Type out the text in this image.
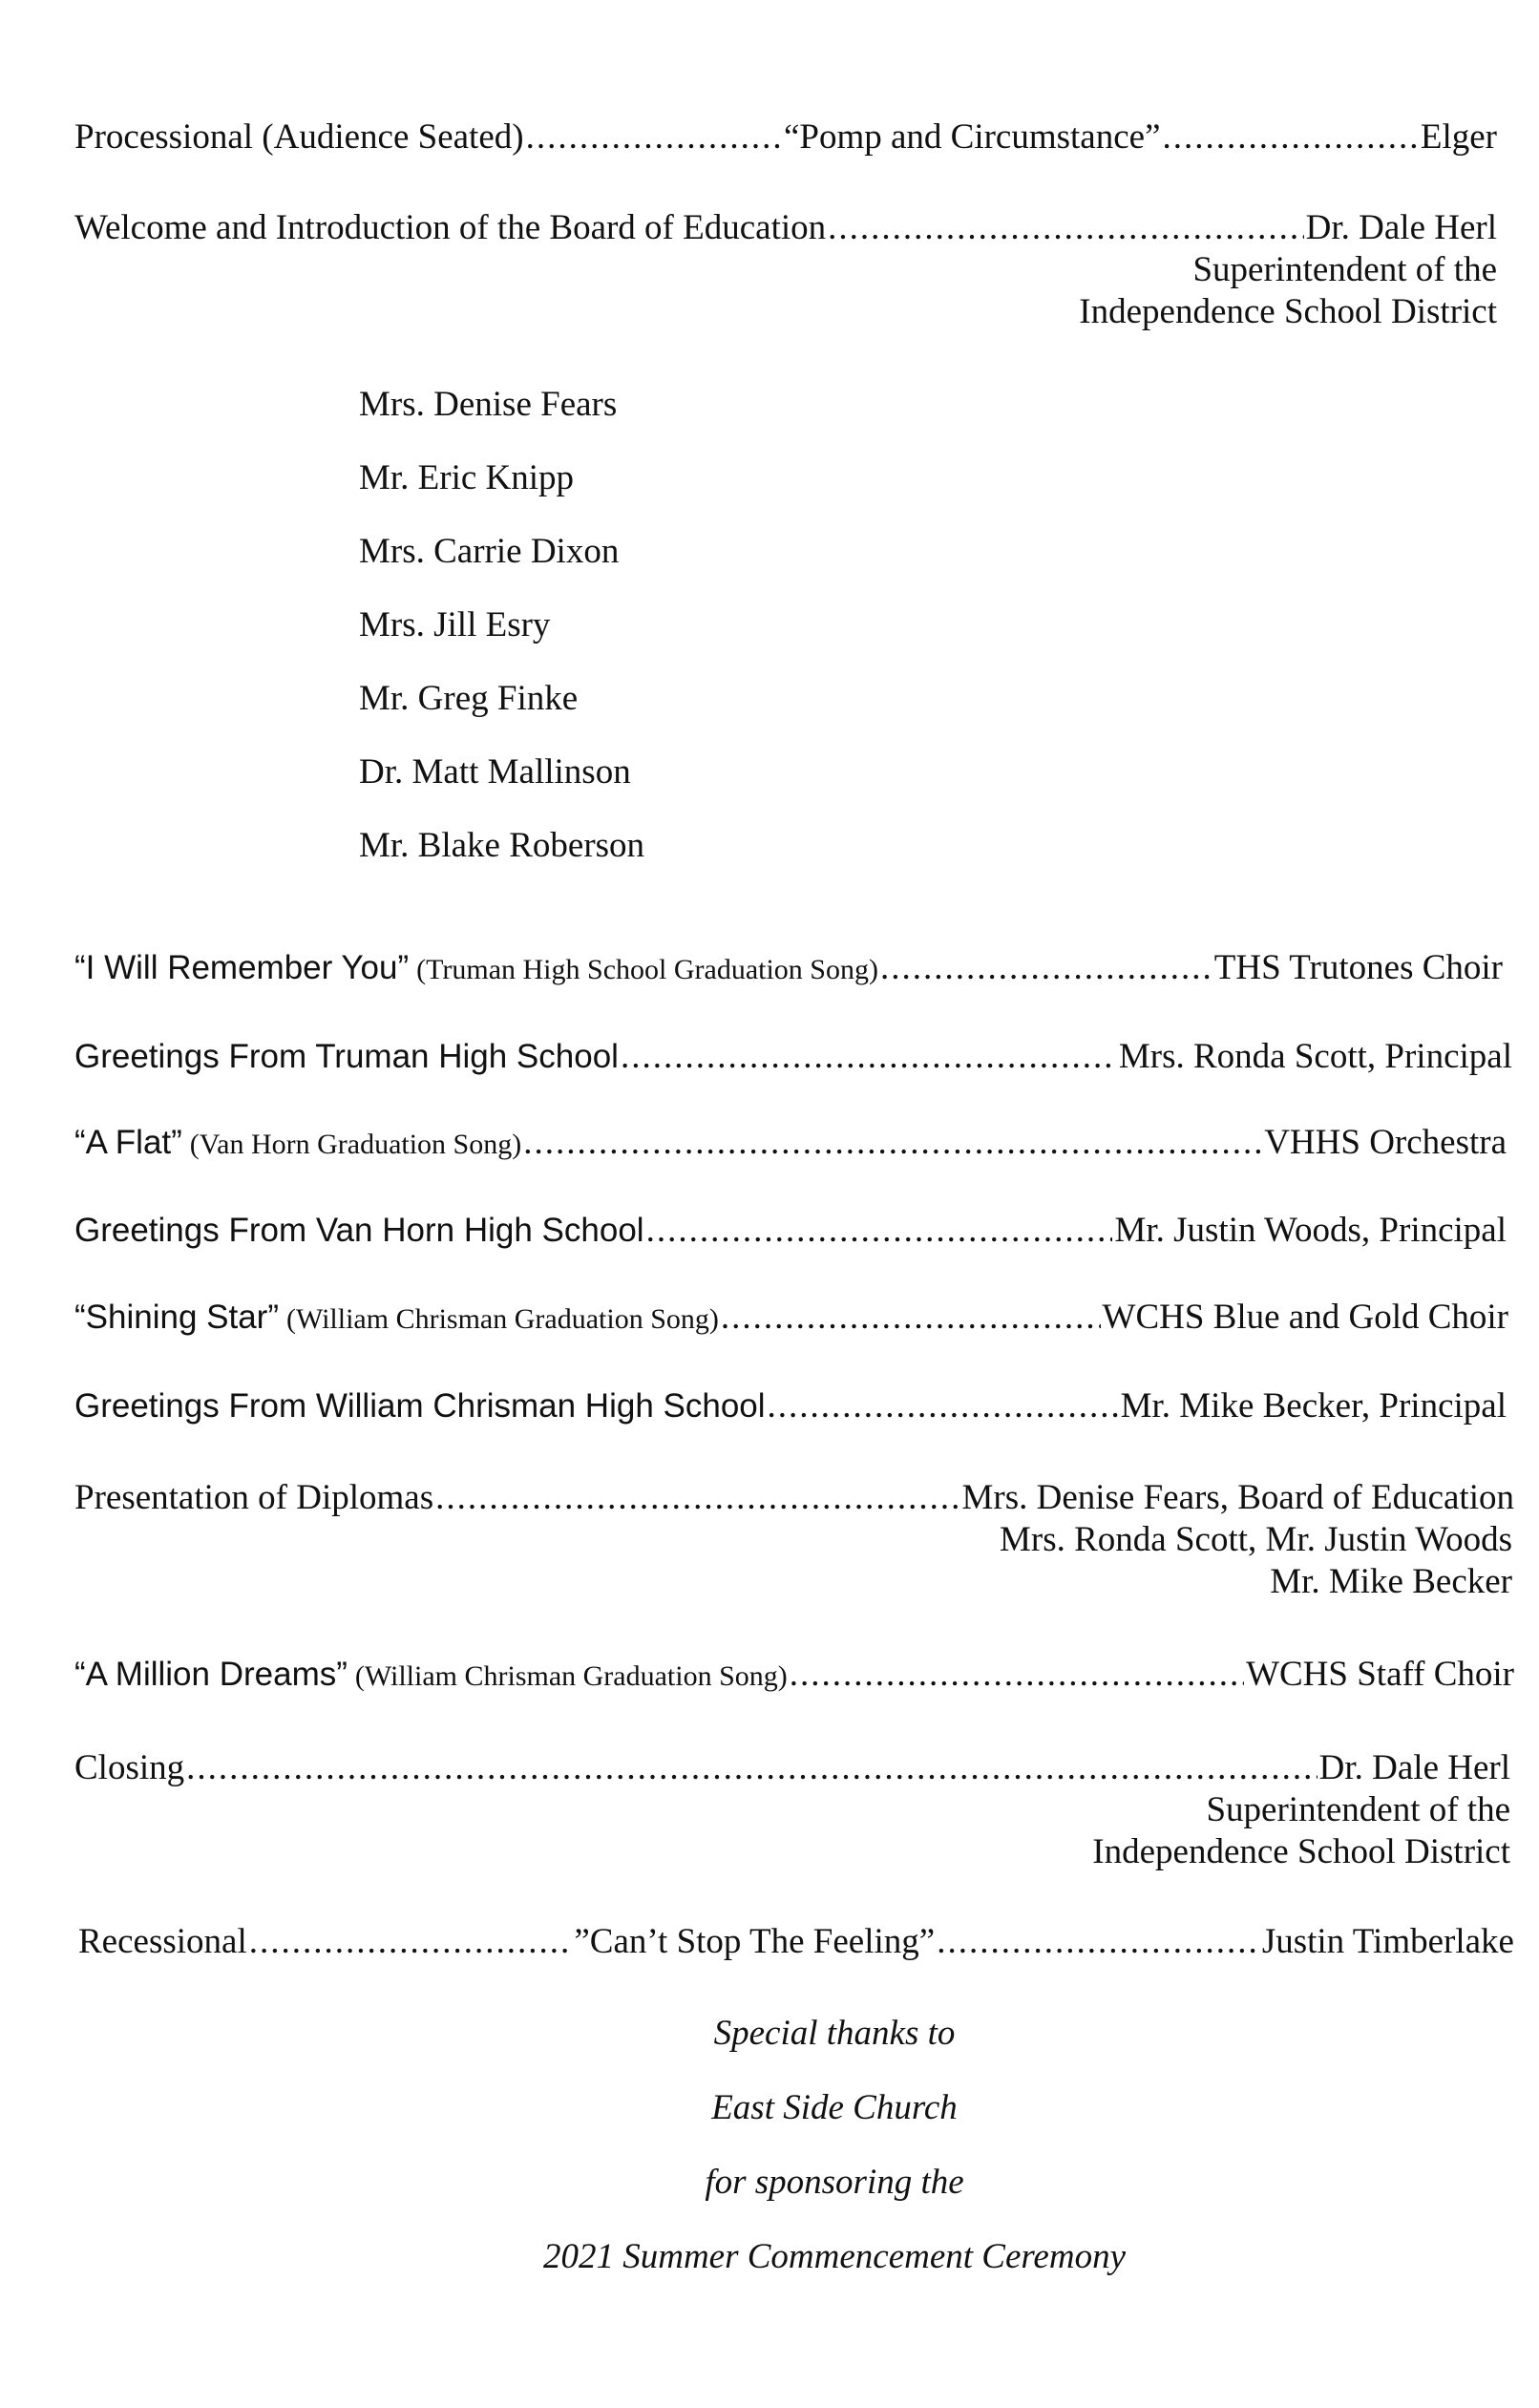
Processional (Audience Seated) .....	“Pomp and Circumstance” .....	Elger
Welcome and Introduction of the Board of Education .....	Dr. Dale Herl
Superintendent of the
Independence School District
Mrs. Denise Fears
Mr. Eric Knipp
Mrs. Carrie Dixon
Mrs. Jill Esry
Mr. Greg Finke
Dr. Matt Mallinson
Mr. Blake Roberson
“I Will Remember You” (Truman High School Graduation Song) .....	THS Trutones Choir
Greetings From Truman High School .....	Mrs. Ronda Scott, Principal
“A Flat” (Van Horn Graduation Song) .....	VHHS Orchestra
Greetings From Van Horn High School .....	Mr. Justin Woods, Principal
“Shining Star” (William Chrisman Graduation Song) .....	WCHS Blue and Gold Choir
Greetings From William Chrisman High School .....	Mr. Mike Becker, Principal
Presentation of Diplomas .....	Mrs. Denise Fears, Board of Education
Mrs. Ronda Scott, Mr. Justin Woods
Mr. Mike Becker
“A Million Dreams” (William Chrisman Graduation Song) .....	WCHS Staff Choir
Closing .....	Dr. Dale Herl
Superintendent of the
Independence School District
Recessional .....	”Can’t Stop The Feeling” .....	Justin Timberlake
Special thanks to
East Side Church
for sponsoring the
2021 Summer Commencement Ceremony
